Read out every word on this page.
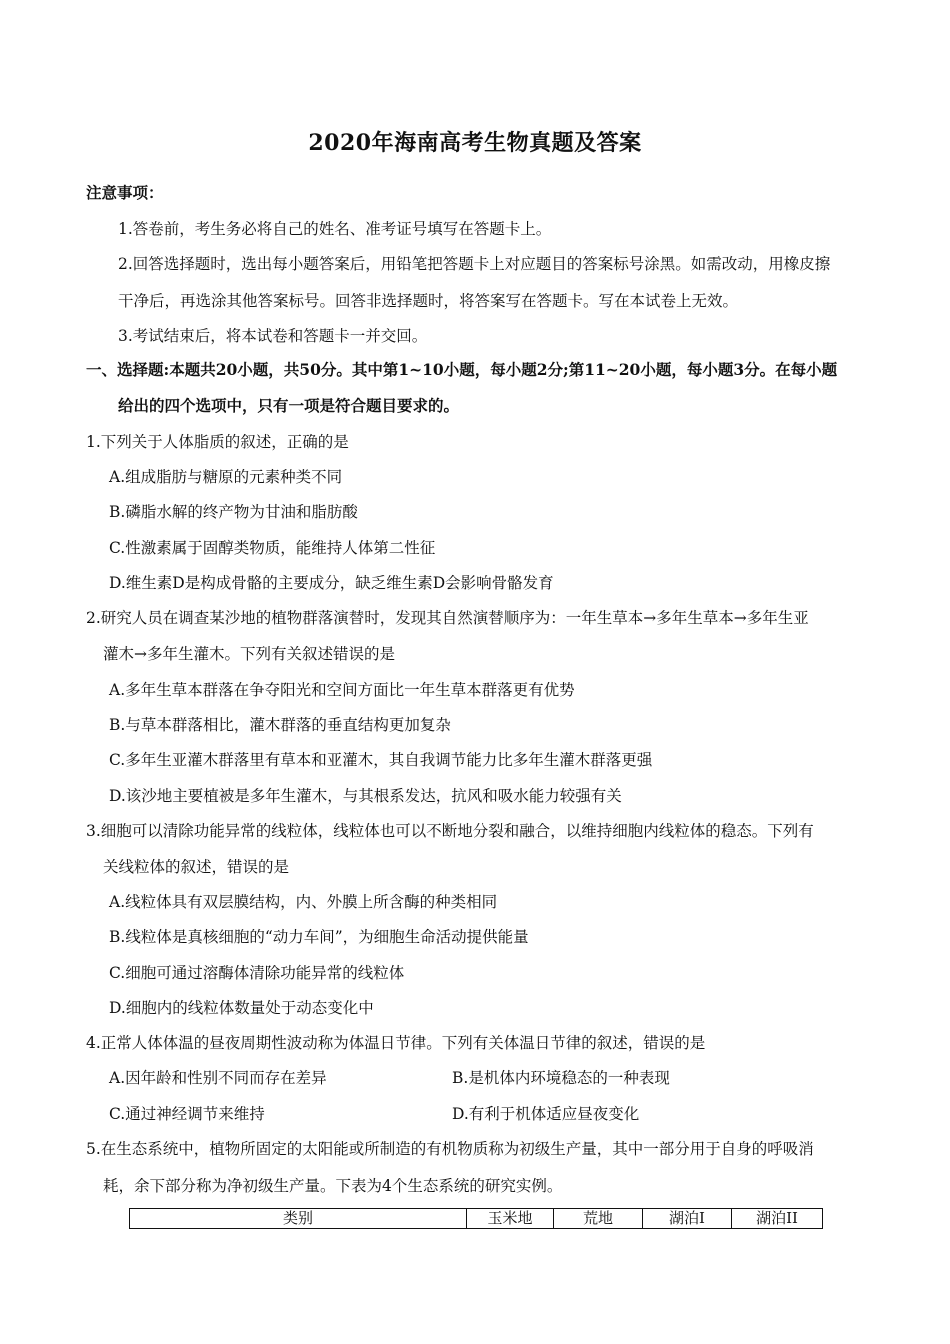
2020年海南高考生物真题及答案
注意事项：
1.答卷前，考生务必将自己的姓名、准考证号填写在答题卡上。
2.回答选择题时，选出每小题答案后，用铅笔把答题卡上对应题目的答案标号涂黑。如需改动，用橡皮擦
干净后，再选涂其他答案标号。回答非选择题时，将答案写在答题卡。写在本试卷上无效。
3.考试结束后，将本试卷和答题卡一并交回。
一、选择题:本题共20小题，共50分。其中第1~10小题，每小题2分;第11~20小题，每小题3分。在每小题
给出的四个选项中，只有一项是符合题目要求的。
1.下列关于人体脂质的叙述，正确的是
A.组成脂肪与糖原的元素种类不同
B.磷脂水解的终产物为甘油和脂肪酸
C.性激素属于固醇类物质，能维持人体第二性征
D.维生素D是构成骨骼的主要成分，缺乏维生素D会影响骨骼发育
2.研究人员在调查某沙地的植物群落演替时，发现其自然演替顺序为：一年生草本→多年生草本→多年生亚
灌木→多年生灌木。下列有关叙述错误的是
A.多年生草本群落在争夺阳光和空间方面比一年生草本群落更有优势
B.与草本群落相比，灌木群落的垂直结构更加复杂
C.多年生亚灌木群落里有草本和亚灌木，其自我调节能力比多年生灌木群落更强
D.该沙地主要植被是多年生灌木，与其根系发达，抗风和吸水能力较强有关
3.细胞可以清除功能异常的线粒体，线粒体也可以不断地分裂和融合，以维持细胞内线粒体的稳态。下列有
关线粒体的叙述，错误的是
A.线粒体具有双层膜结构，内、外膜上所含酶的种类相同
B.线粒体是真核细胞的“动力车间”，为细胞生命活动提供能量
C.细胞可通过溶酶体清除功能异常的线粒体
D.细胞内的线粒体数量处于动态变化中
4.正常人体体温的昼夜周期性波动称为体温日节律。下列有关体温日节律的叙述，错误的是
A.因年龄和性别不同而存在差异	B.是机体内环境稳态的一种表现
C.通过神经调节来维持	D.有利于机体适应昼夜变化
5.在生态系统中，植物所固定的太阳能或所制造的有机物质称为初级生产量，其中一部分用于自身的呼吸消
耗，余下部分称为净初级生产量。下表为4个生态系统的研究实例。
类别	玉米地	荒地	湖泊I	湖泊II
